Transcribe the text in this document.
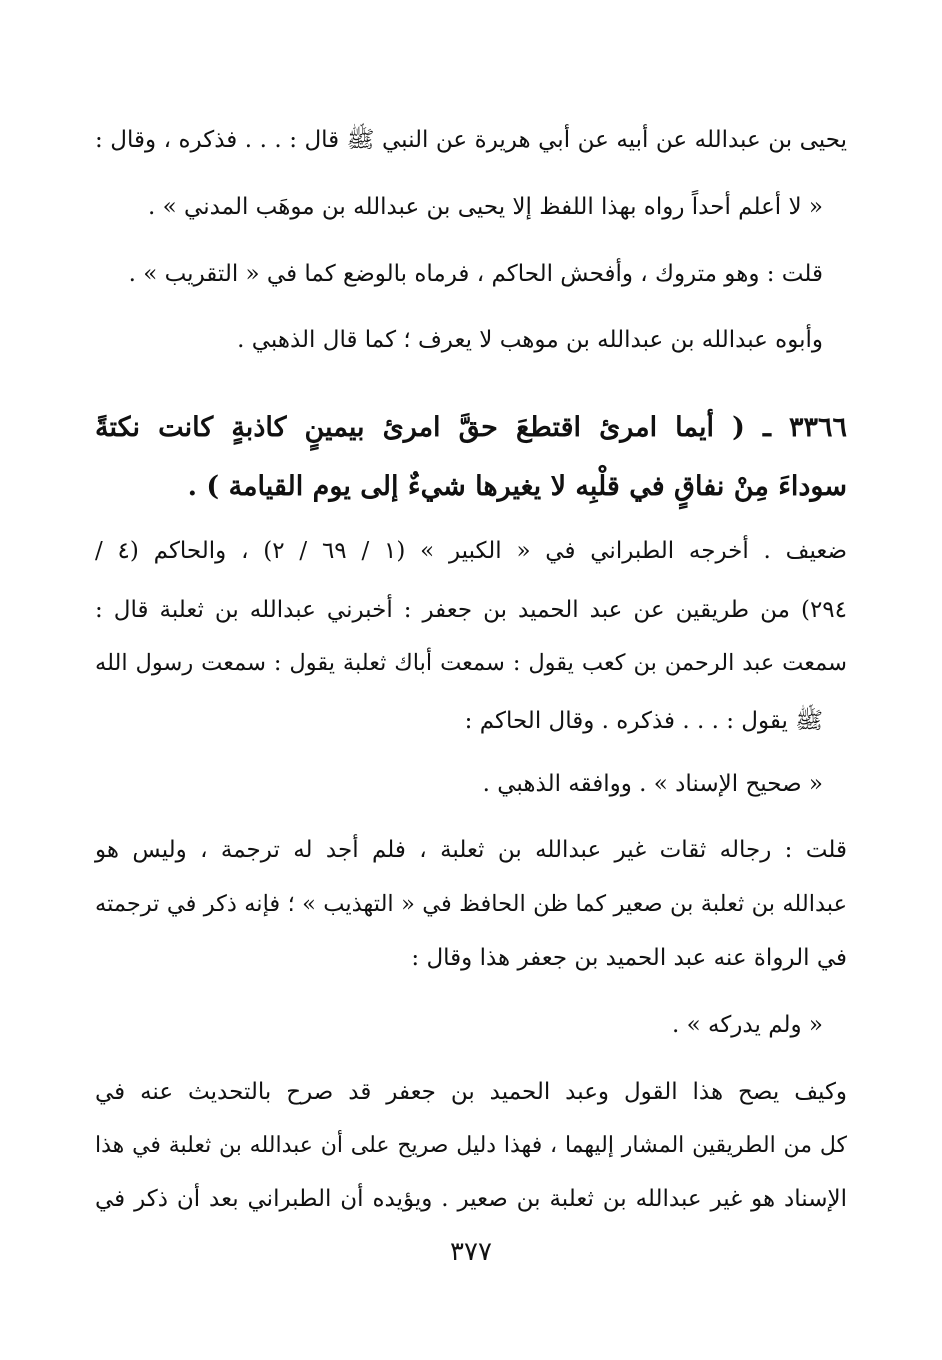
يحيى بن عبدالله عن أبيه عن أبي هريرة عن النبي ﷺ قال : . . . فذكره ، وقال :
« لا أعلم أحداً رواه بهذا اللفظ إلا يحيى بن عبدالله بن موهَب المدني » .
قلت : وهو متروك ، وأفحش الحاكم ، فرماه بالوضع كما في « التقريب » .
وأبوه عبدالله بن عبدالله بن موهب لا يعرف ؛ كما قال الذهبي .
٣٣٦٦ ـ ( أيما امرئ اقتطعَ حقَّ امرئ بيمينٍ كاذبةٍ كانت نكتةً
سوداءَ مِنْ نفاقٍ في قلْبِه لا يغيرها شيءٌ إلى يوم القيامة ) .
ضعيف . أخرجه الطبراني في « الكبير » (١ / ٦٩ / ٢) ، والحاكم (٤ /
٢٩٤) من طريقين عن عبد الحميد بن جعفر : أخبرني عبدالله بن ثعلبة قال :
سمعت عبد الرحمن بن كعب يقول : سمعت أباك ثعلبة يقول : سمعت رسول الله
ﷺ يقول : . . . فذكره . وقال الحاكم :
« صحيح الإسناد » . ووافقه الذهبي .
قلت : رجاله ثقات غير عبدالله بن ثعلبة ، فلم أجد له ترجمة ، وليس هو
عبدالله بن ثعلبة بن صعير كما ظن الحافظ في « التهذيب » ؛ فإنه ذكر في ترجمته
في الرواة عنه عبد الحميد بن جعفر هذا وقال :
« ولم يدركه » .
وكيف يصح هذا القول وعبد الحميد بن جعفر قد صرح بالتحديث عنه في
كل من الطريقين المشار إليهما ، فهذا دليل صريح على أن عبدالله بن ثعلبة في هذا
الإسناد هو غير عبدالله بن ثعلبة بن صعير . ويؤيده أن الطبراني بعد أن ذكر في
٣٧٧
